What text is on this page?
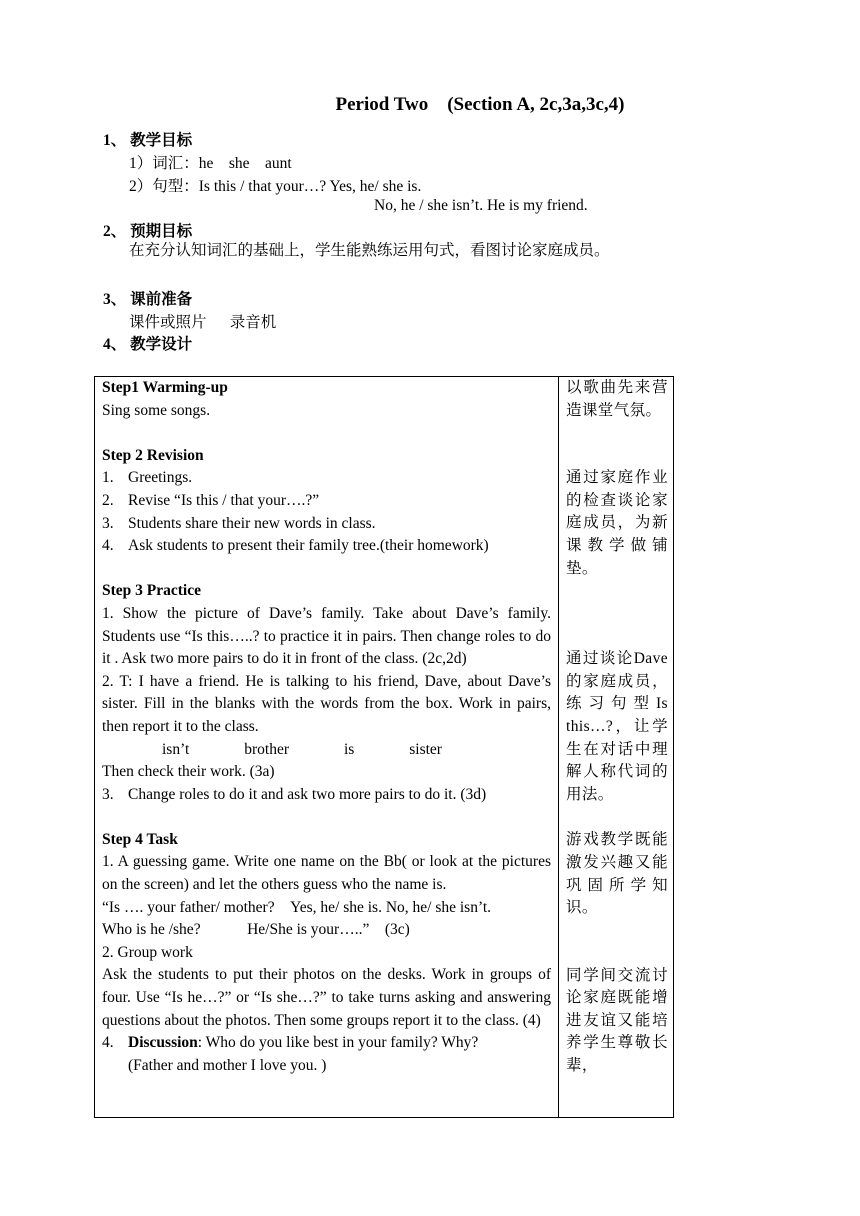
Period Two    (Section A, 2c,3a,3c,4)
1、 教学目标
1）词汇：he    she    aunt
2）句型：Is this / that your…? Yes, he/ she is.
No, he / she isn’t. He is my friend.
2、 预期目标
在充分认知词汇的基础上，学生能熟练运用句式，看图讨论家庭成员。
3、 课前准备
课件或照片      录音机
4、 教学设计
Step1 Warming-up
Sing some songs.
Step 2 Revision
1. Greetings.
2. Revise “Is this / that your….?”
3. Students share their new words in class.
4. Ask students to present their family tree.(their homework)
Step 3 Practice
1. Show the picture of Dave’s family. Take about Dave’s family. Students use “Is this…..? to practice it in pairs. Then change roles to do it . Ask two more pairs to do it in front of the class. (2c,2d)
2. T: I have a friend. He is talking to his friend, Dave, about Dave’s sister. Fill in the blanks with the words from the box. Work in pairs, then report it to the class.
isn’t	brother	is	sister
Then check their work. (3a)
3. Change roles to do it and ask two more pairs to do it. (3d)
Step 4 Task
1. A guessing game. Write one name on the Bb( or look at the pictures on the screen) and let the others guess who the name is.
“Is …. your father/ mother?    Yes, he/ she is. No, he/ she isn’t.
Who is he /she?            He/She is your…..”    (3c)
2. Group work
Ask the students to put their photos on the desks. Work in groups of four. Use “Is he…?” or “Is she…?” to take turns asking and answering questions about the photos. Then some groups report it to the class. (4)
4. Discussion: Who do you like best in your family? Why?
(Father and mother I love you. )
以歌曲先来营造课堂气氛。
通过家庭作业的检查谈论家庭成员，为新课教学做铺垫。
通过谈论Dave的家庭成员，练习句型Is this…?，让学生在对话中理解人称代词的用法。
游戏教学既能激发兴趣又能巩固所学知识。
同学间交流讨论家庭既能增进友谊又能培养学生尊敬长辈，
